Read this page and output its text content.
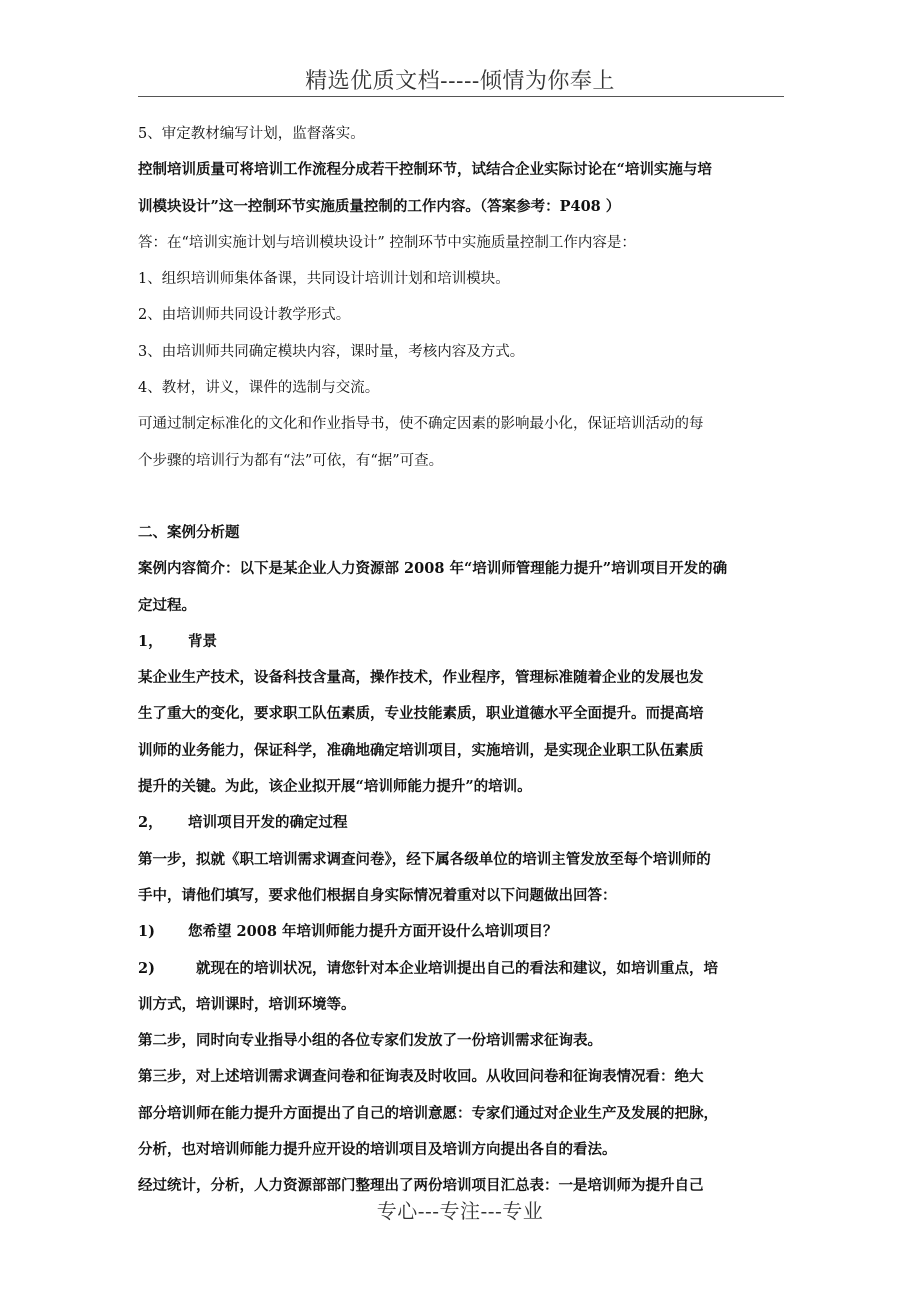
精选优质文档-----倾情为你奉上
5、审定教材编写计划，监督落实。
控制培训质量可将培训工作流程分成若干控制环节，试结合企业实际讨论在“培训实施与培
训模块设计”这一控制环节实施质量控制的工作内容。（答案参考：P408 ）
答：在“培训实施计划与培训模块设计” 控制环节中实施质量控制工作内容是：
1、组织培训师集体备课，共同设计培训计划和培训模块。
2、由培训师共同设计教学形式。
3、由培训师共同确定模块内容，课时量，考核内容及方式。
4、教材，讲义，课件的选制与交流。
可通过制定标准化的文化和作业指导书，使不确定因素的影响最小化，保证培训活动的每
个步骤的培训行为都有“法”可依，有“据”可查。
二、案例分析题
案例内容简介：以下是某企业人力资源部 2008 年“培训师管理能力提升”培训项目开发的确
定过程。
1， 背景
某企业生产技术，设备科技含量高，操作技术，作业程序，管理标准随着企业的发展也发
生了重大的变化，要求职工队伍素质，专业技能素质，职业道德水平全面提升。而提高培
训师的业务能力，保证科学，准确地确定培训项目，实施培训，是实现企业职工队伍素质
提升的关键。为此，该企业拟开展“培训师能力提升”的培训。
2， 培训项目开发的确定过程
第一步，拟就《职工培训需求调查问卷》，经下属各级单位的培训主管发放至每个培训师的
手中，请他们填写，要求他们根据自身实际情况着重对以下问题做出回答：
1) 您希望 2008 年培训师能力提升方面开设什么培训项目？
2)	就现在的培训状况，请您针对本企业培训提出自己的看法和建议，如培训重点，培
训方式，培训课时，培训环境等。
第二步，同时向专业指导小组的各位专家们发放了一份培训需求征询表。
第三步，对上述培训需求调查问卷和征询表及时收回。从收回问卷和征询表情况看：绝大
部分培训师在能力提升方面提出了自己的培训意愿：专家们通过对企业生产及发展的把脉，
分析，也对培训师能力提升应开设的培训项目及培训方向提出各自的看法。
经过统计，分析，人力资源部部门整理出了两份培训项目汇总表：一是培训师为提升自己
专心---专注---专业
